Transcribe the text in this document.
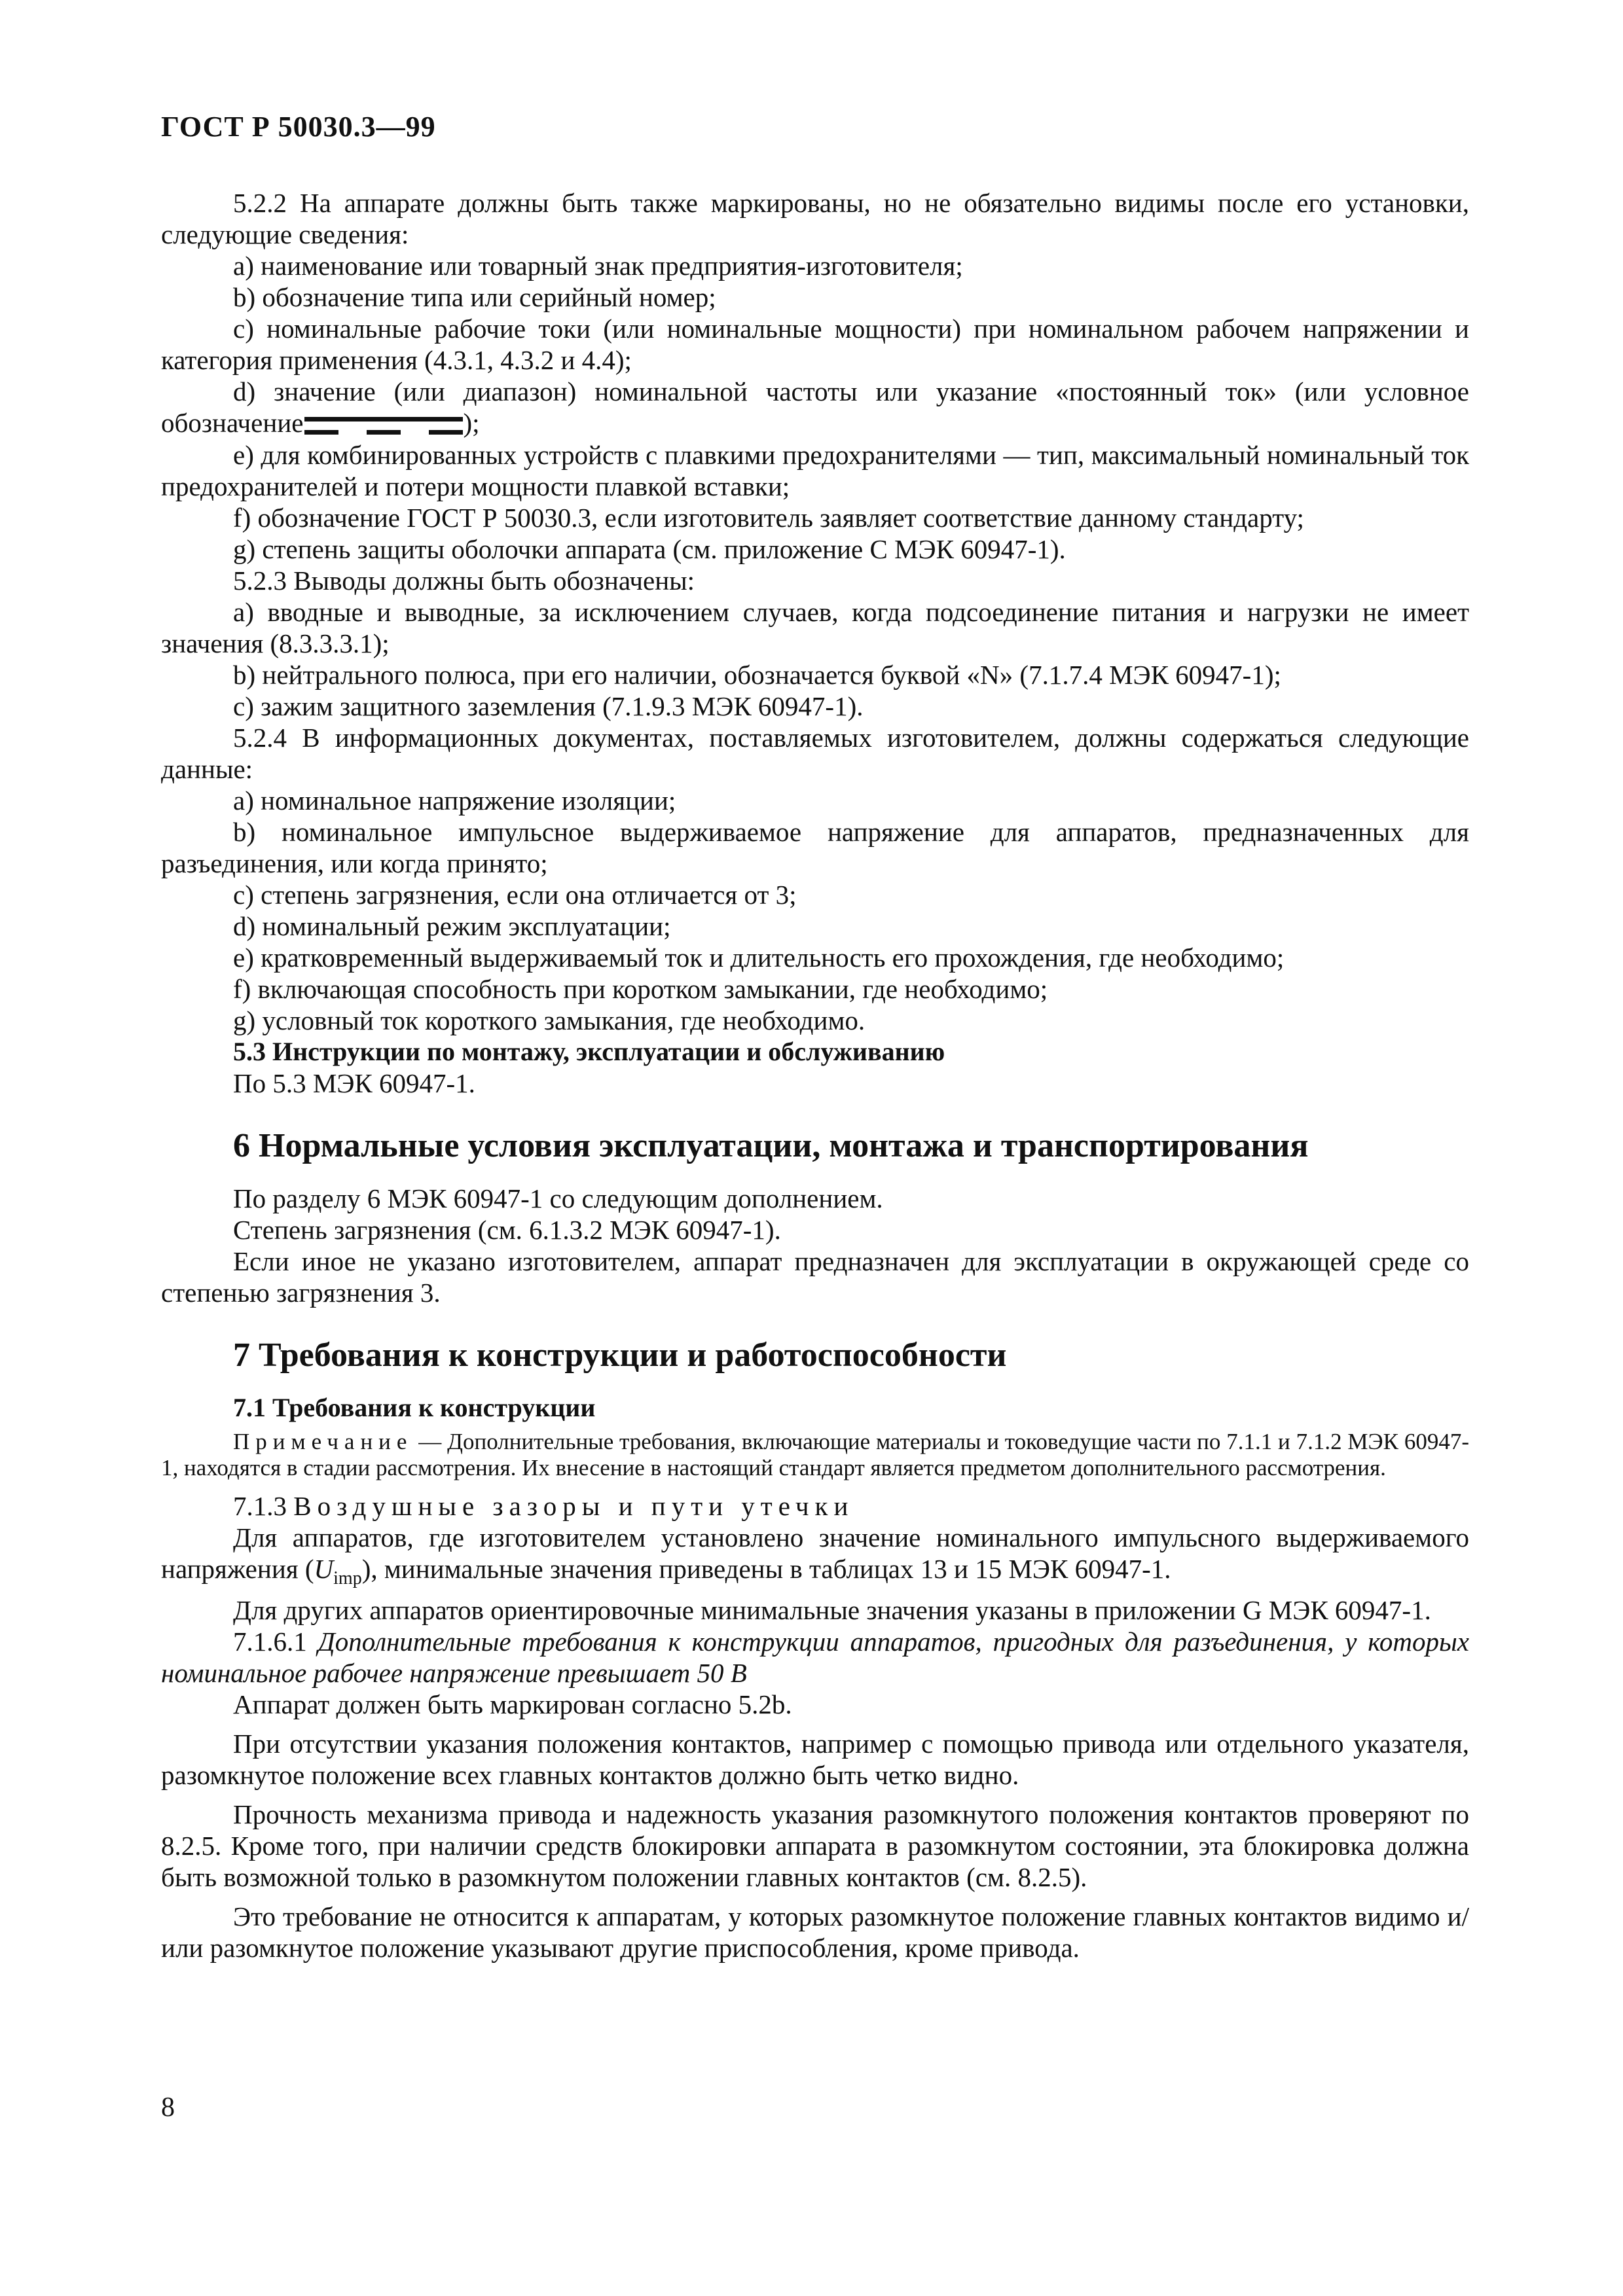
ГОСТ Р 50030.3—99

5.2.2 На аппарате должны быть также маркированы, но не обязательно видимы после его установки, следующие сведения:

a) наименование или товарный знак предприятия-изготовителя;

b) обозначение типа или серийный номер;

c) номинальные рабочие токи (или номинальные мощности) при номинальном рабочем напряжении и категория применения (4.3.1, 4.3.2 и 4.4);

d) значение (или диапазон) номинальной частоты или указание «постоянный ток» (или условное обозначение	);

e) для комбинированных устройств с плавкими предохранителями — тип, максимальный номинальный ток предохранителей и потери мощности плавкой вставки;

f) обозначение ГОСТ Р 50030.3, если изготовитель заявляет соответствие данному стандарту;

g) степень защиты оболочки аппарата (см. приложение C МЭК 60947-1).

5.2.3 Выводы должны быть обозначены:

a) вводные и выводные, за исключением случаев, когда подсоединение питания и нагрузки не имеет значения (8.3.3.3.1);

b) нейтрального полюса, при его наличии, обозначается буквой «N» (7.1.7.4 МЭК 60947-1);

c) зажим защитного заземления (7.1.9.3 МЭК 60947-1).

5.2.4 В информационных документах, поставляемых изготовителем, должны содержаться следующие данные:

a) номинальное напряжение изоляции;

b) номинальное импульсное выдерживаемое напряжение для аппаратов, предназначенных для разъединения, или когда принято;

c) степень загрязнения, если она отличается от 3;

d) номинальный режим эксплуатации;

e) кратковременный выдерживаемый ток и длительность его прохождения, где необходимо;

f) включающая способность при коротком замыкании, где необходимо;

g) условный ток короткого замыкания, где необходимо.

5.3 Инструкции по монтажу, эксплуатации и обслуживанию

По 5.3 МЭК 60947-1.

6 Нормальные условия эксплуатации, монтажа и транспортирования

По разделу 6 МЭК 60947-1 со следующим дополнением.

Степень загрязнения (см. 6.1.3.2 МЭК 60947-1).

Если иное не указано изготовителем, аппарат предназначен для эксплуатации в окружающей среде со степенью загрязнения 3.

7 Требования к конструкции и работоспособности

7.1 Требования к конструкции

Примечание — Дополнительные требования, включающие материалы и токоведущие части по 7.1.1 и 7.1.2 МЭК 60947-1, находятся в стадии рассмотрения. Их внесение в настоящий стандарт является предметом дополнительного рассмотрения.

7.1.3 Воздушные зазоры и пути утечки

Для аппаратов, где изготовителем установлено значение номинального импульсного выдерживаемого напряжения $(U_{imp})$, минимальные значения приведены в таблицах 13 и 15 МЭК 60947-1.

Для других аппаратов ориентировочные минимальные значения указаны в приложении G МЭК 60947-1.

7.1.6.1 Дополнительные требования к конструкции аппаратов, пригодных для разъединения, у которых номинальное рабочее напряжение превышает 50 В

Аппарат должен быть маркирован согласно 5.2b.

При отсутствии указания положения контактов, например с помощью привода или отдельного указателя, разомкнутое положение всех главных контактов должно быть четко видно.

Прочность механизма привода и надежность указания разомкнутого положения контактов проверяют по 8.2.5. Кроме того, при наличии средств блокировки аппарата в разомкнутом состоянии, эта блокировка должна быть возможной только в разомкнутом положении главных контактов (см. 8.2.5).

Это требование не относится к аппаратам, у которых разомкнутое положение главных контактов видимо и/или разомкнутое положение указывают другие приспособления, кроме привода.

8
